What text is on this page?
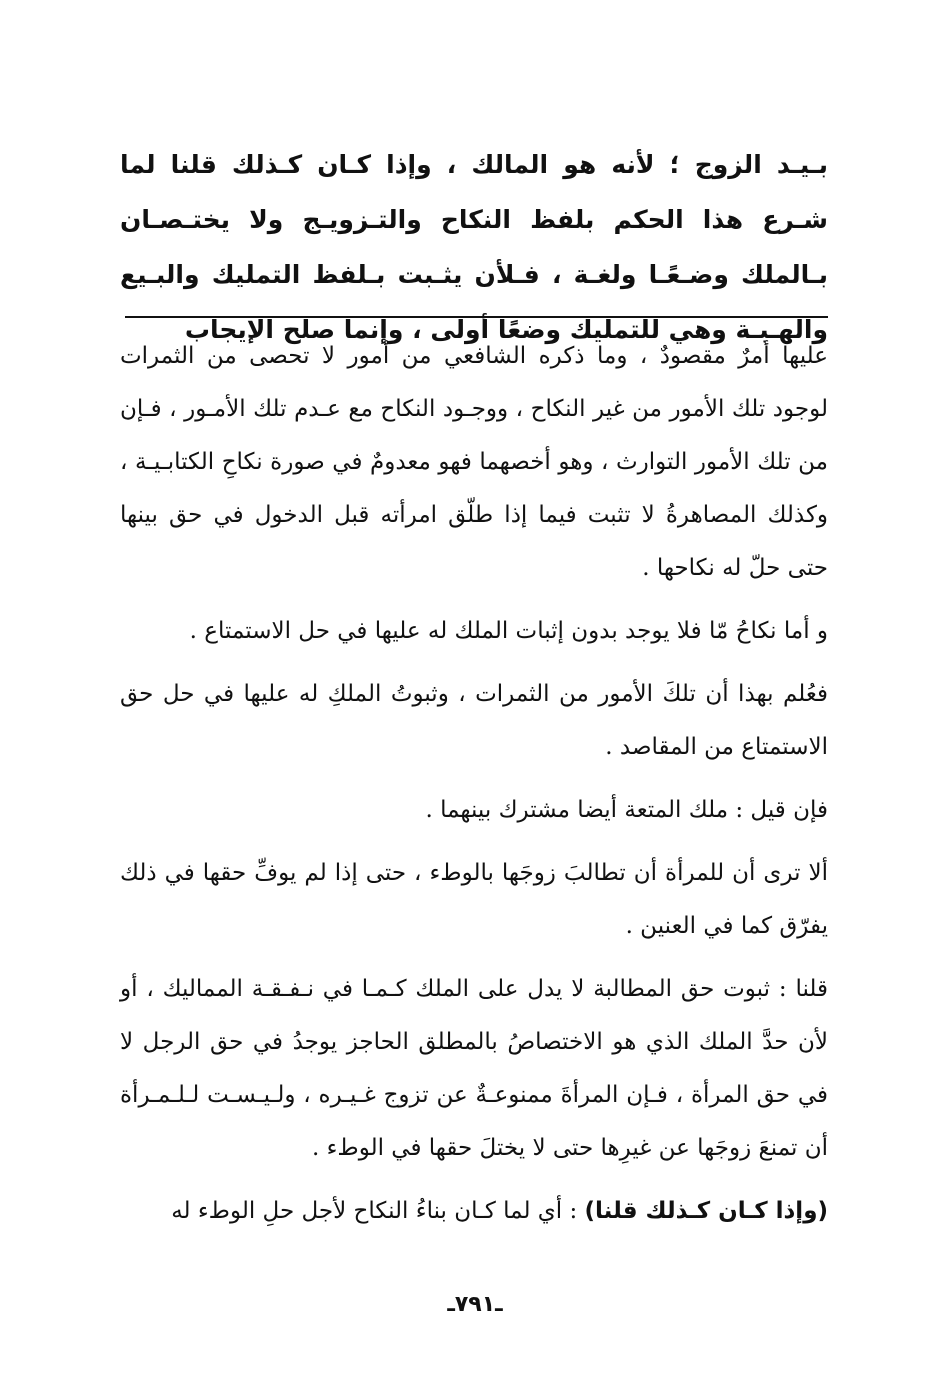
بـيـد الزوج ؛ لأنه هو المالك ، وإذا كـان كـذلك قلنا لما شـرع هذا الحكم بلفظ النكاح والتـزويـج ولا يختـصـان بـالملك وضـعًـا ولغـة ، فـلأن يثـبت بـلفظ التمليك والبـيع والهـبـة وهي للتمليك وضعًا أولى ، وإنما صلح الإيجاب

عليها أمرٌ مقصودٌ ، وما ذكره الشافعي من أمور لا تحصى من الثمرات لوجود تلك الأمور من غير النكاح ، ووجـود النكاح مع عـدم تلك الأمـور ، فـإن من تلك الأمور التوارث ، وهو أخصهما فهو معدومٌ في صورة نكاحِ الكتابـيـة ، وكذلك المصاهرةُ لا تثبت فيما إذا طلّق امرأته قبل الدخول في حق بينها حتى حلّ له نكاحها .

و أما نكاحُ مّا فلا يوجد بدون إثبات الملك له عليها في حل الاستمتاع .

فعُلم بهذا أن تلكَ الأمور من الثمرات ، وثبوتُ الملكِ له عليها في حل حق الاستمتاع من المقاصد .

فإن قيل : ملك المتعة أيضا مشترك بينهما .

ألا ترى أن للمرأة أن تطالبَ زوجَها بالوطء ، حتى إذا لم يوفِّ حقها في ذلك يفرّق كما في العنين .

قلنا : ثبوت حق المطالبة لا يدل على الملك كـمـا في نـفـقـة المماليك ، أو لأن حدَّ الملك الذي هو الاختصاصُ بالمطلق الحاجز يوجدُ في حق الرجل لا في حق المرأة ، فـإن المرأةَ ممنوعـةٌ عن تزوج غـيـره ، ولـيـسـت لـلـمـرأة أن تمنعَ زوجَها عن غيرِها حتى لا يختلَ حقها في الوطء .

(وإذا كـان كـذلك قلنا) : أي لما كـان بناءُ النكاح لأجل حلِ الوطء له

ـ٧٩١ـ
